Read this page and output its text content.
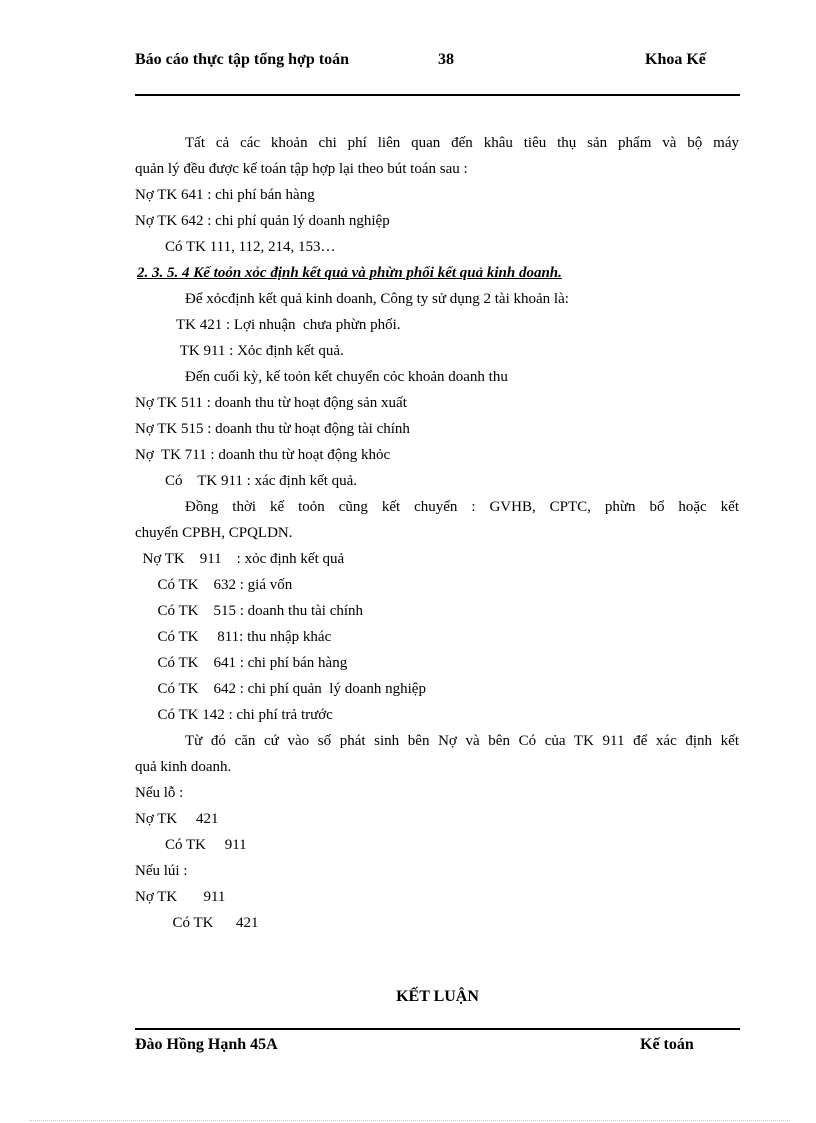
Báo cáo thực tập tổng hợp toán	38	Khoa Kế
Tất cả các khoản chi phí liên quan đến khâu tiêu thụ sản phẩm và bộ máy
quản lý đều được kế toán tập hợp lại theo bút toán sau :
Nợ TK 641 : chi phí bán hàng
Nợ TK 642 : chi phí quản lý doanh nghiệp
Có TK 111, 112, 214, 153…
2. 3. 5. 4 Kế toỏn xỏc định kết quả và phừn phối kết quả kinh doanh.
Để xỏcđịnh kết quả kinh doanh, Công ty sử dụng 2 tài khoản là:
TK 421 : Lợi nhuận  chưa phừn phối.
TK 911 : Xỏc định kết quả.
Đến cuối kỳ, kế toỏn kết chuyển cỏc khoản doanh thu
Nợ TK 511 : doanh thu từ hoạt động sản xuất
Nợ TK 515 : doanh thu từ hoạt động tài chính
Nợ  TK 711 : doanh thu từ hoạt động khỏc
Có    TK 911 : xác định kết quả.
Đồng thời kế toỏn cũng kết chuyển : GVHB, CPTC, phừn bổ hoặc kết
chuyển CPBH, CPQLDN.
Nợ TK    911    : xỏc định kết quả
Có TK    632 : giá vốn
Có TK    515 : doanh thu tài chính
Có TK     811: thu nhập khác
Có TK    641 : chi phí bán hàng
Có TK    642 : chi phí quản  lý doanh nghiệp
Có TK 142 : chi phí trả trước
Từ đó căn cứ vào số phát sinh bên Nợ và bên Có của TK 911 để xác định kết
quả kinh doanh.
Nếu lỗ :
Nợ TK     421
Có TK     911
Nếu lúi :
Nợ TK       911
Có TK      421
KẾT LUẬN
Đào Hồng Hạnh 45A	Kế toán
